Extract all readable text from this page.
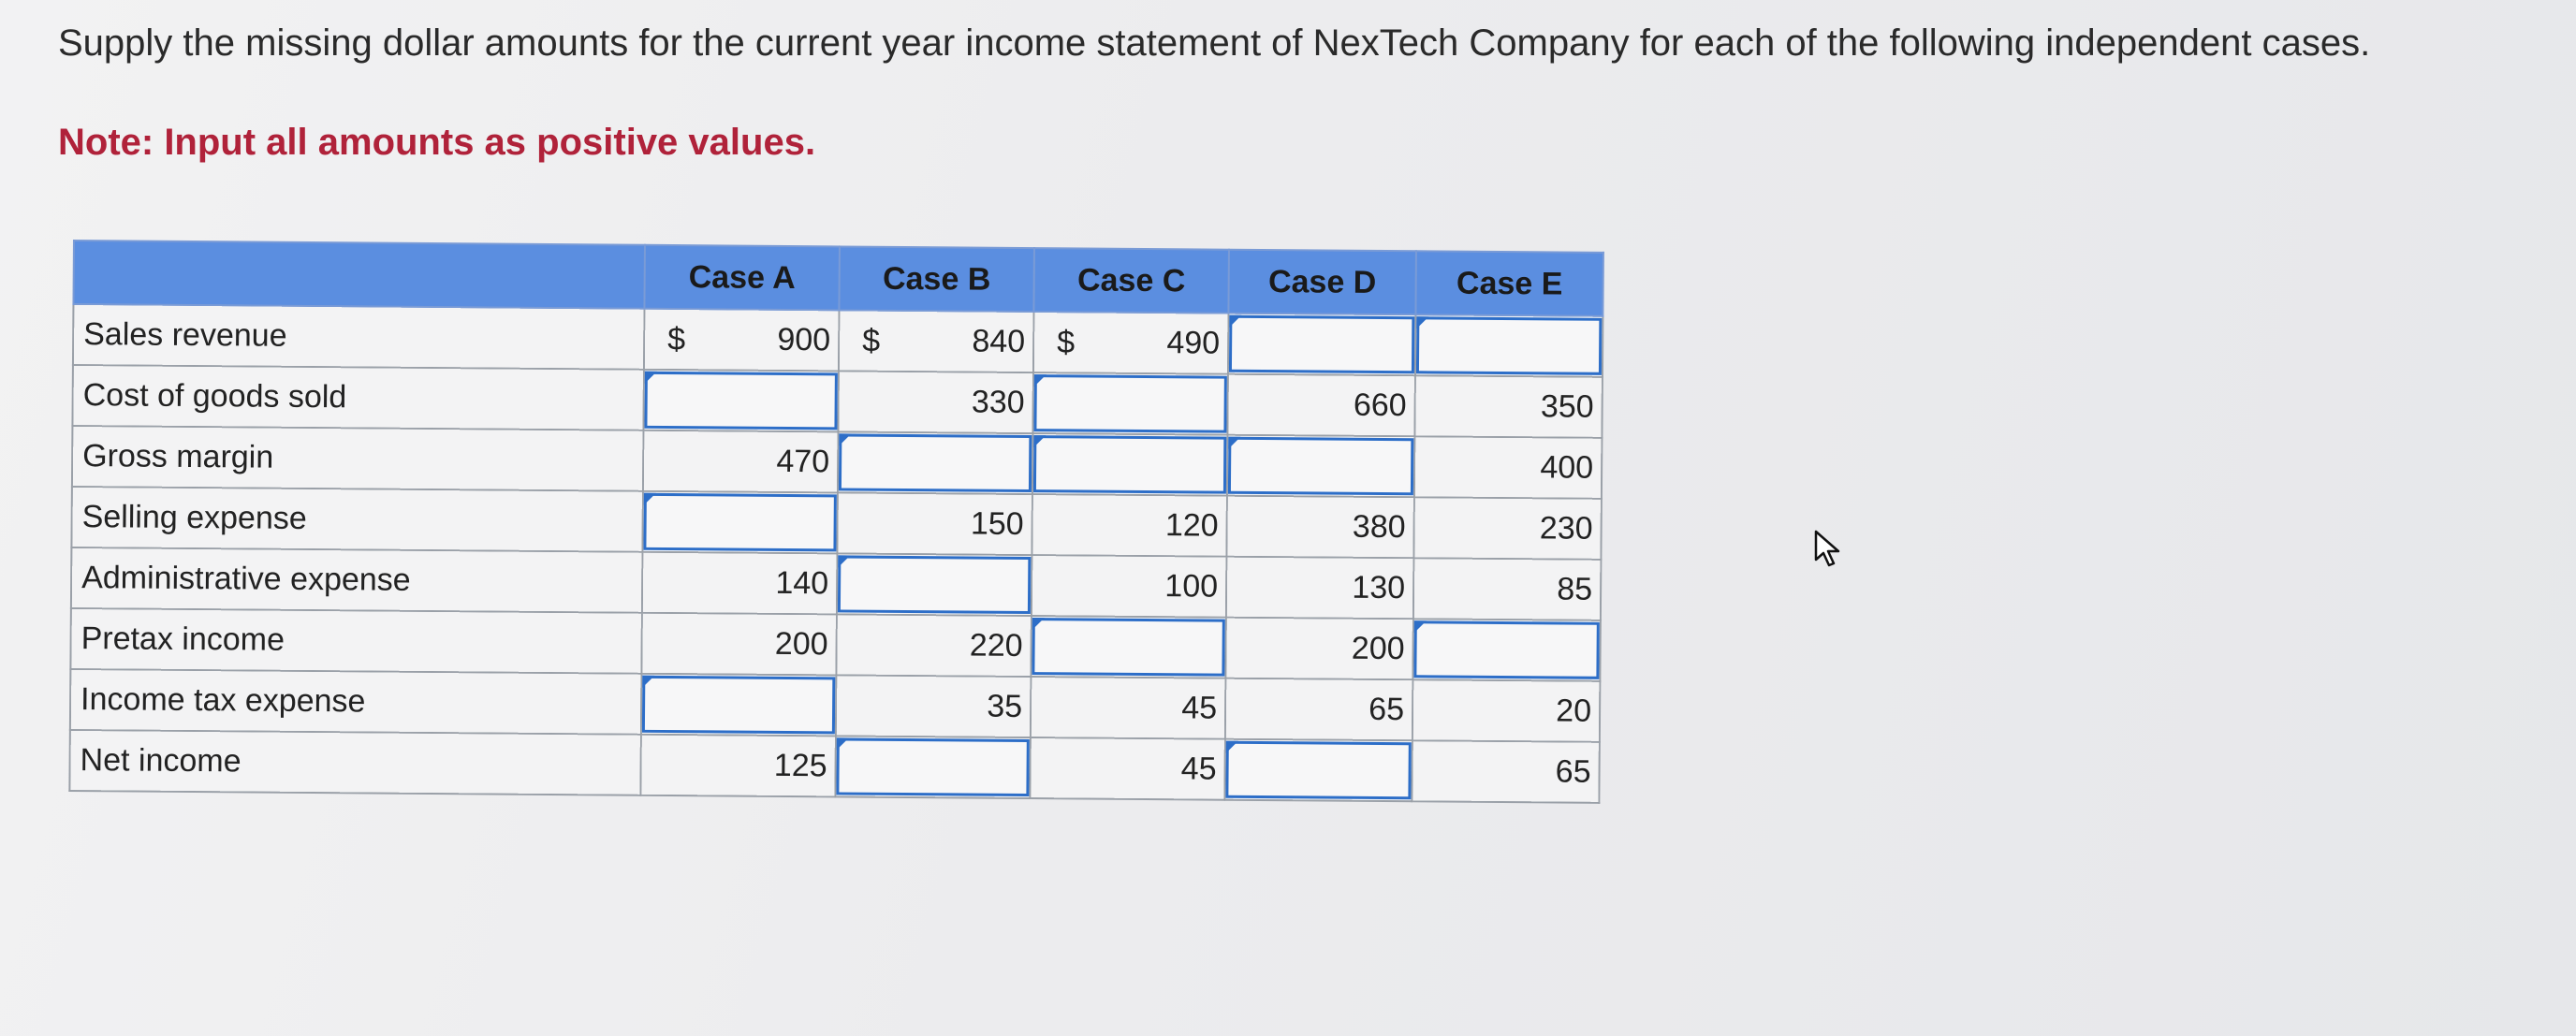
Supply the missing dollar amounts for the current year income statement of NexTech Company for each of the following independent cases.
Note: Input all amounts as positive values.
	Case A	Case B	Case C	Case D	Case E
Sales revenue	$ 900	$ 840	$ 490	

Cost of goods sold		330		660	350
Gross margin	470				400
Selling expense		150	120	380	230
Administrative expense	140		100	130	85
Pretax income	200	220		200	

Income tax expense		35	45	65	20
Net income	125		45		65
